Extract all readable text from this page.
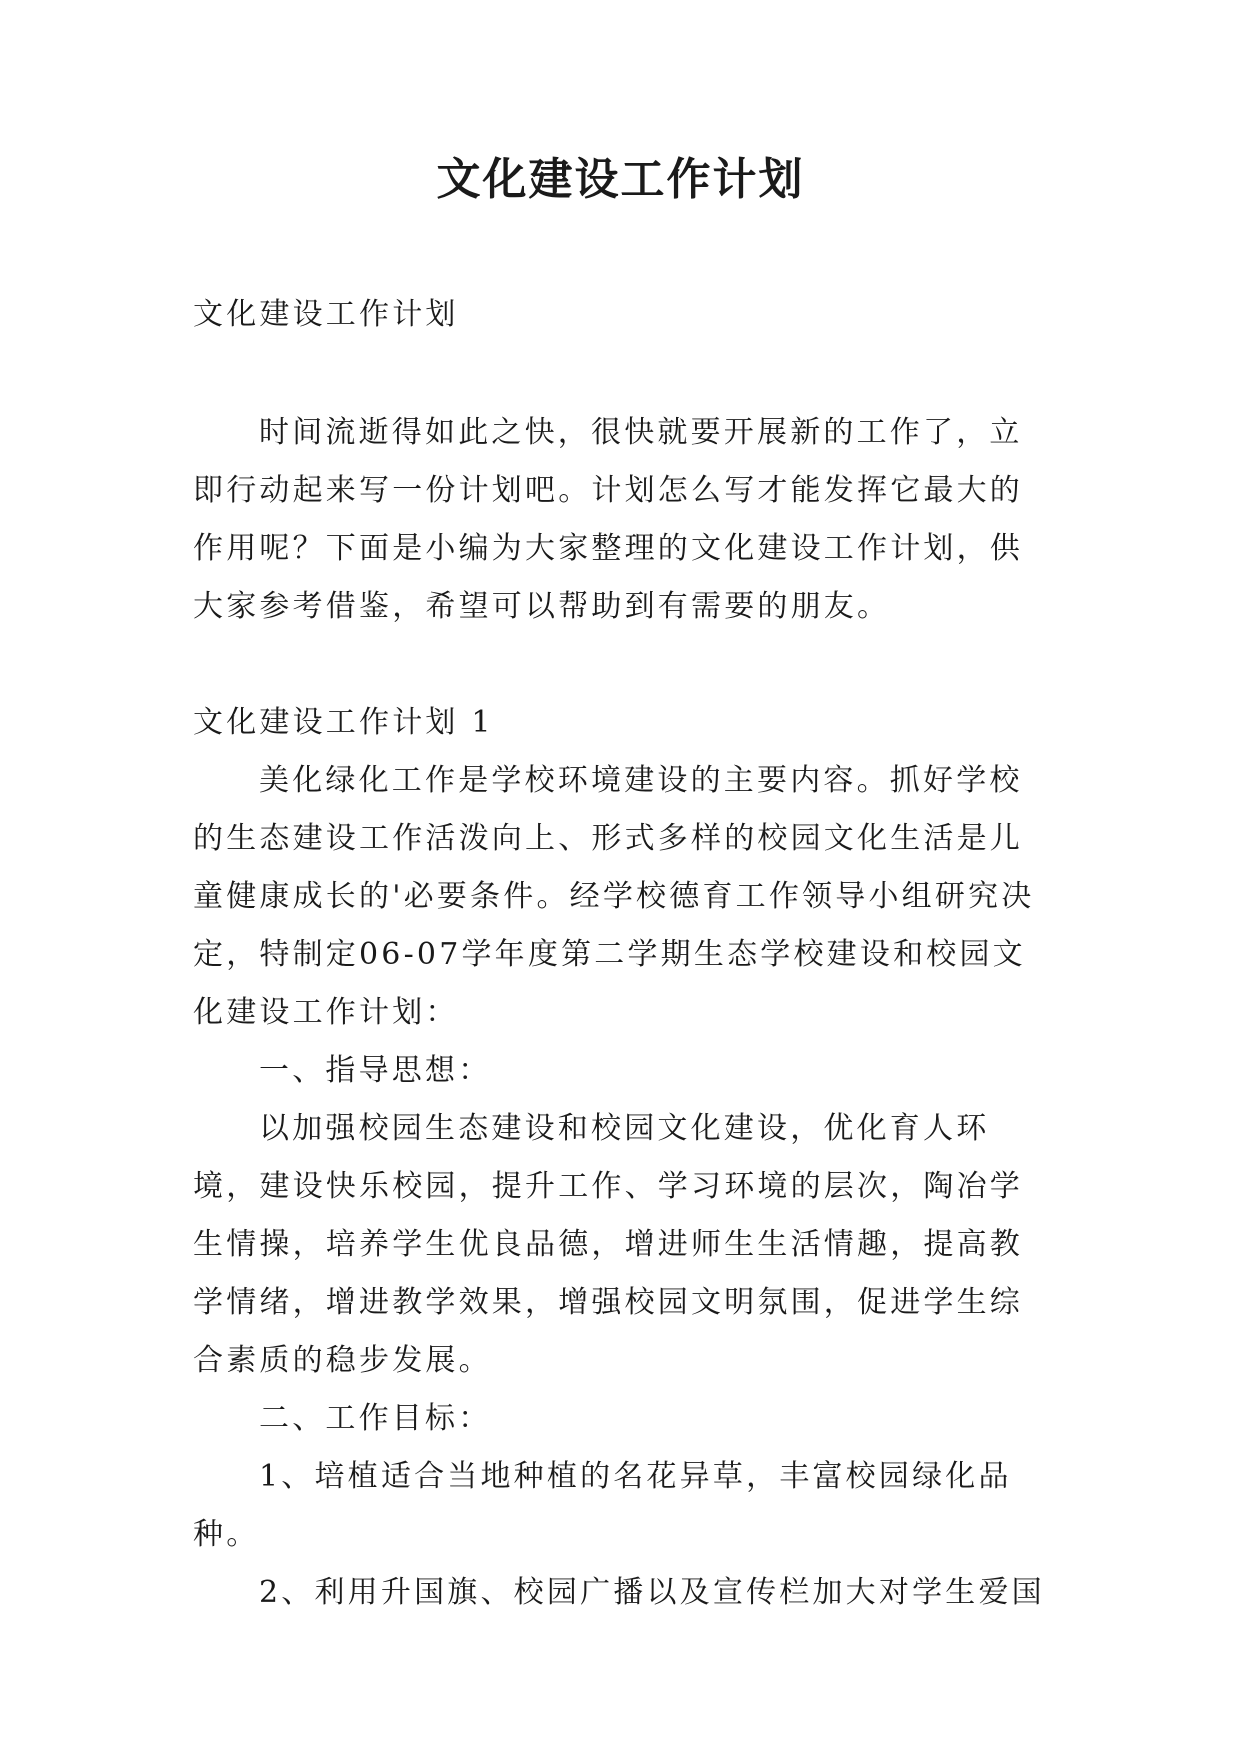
文化建设工作计划

文化建设工作计划

时间流逝得如此之快，很快就要开展新的工作了，立即行动起来写一份计划吧。计划怎么写才能发挥它最大的作用呢？下面是小编为大家整理的文化建设工作计划，供大家参考借鉴，希望可以帮助到有需要的朋友。

文化建设工作计划 1

美化绿化工作是学校环境建设的主要内容。抓好学校的生态建设工作活泼向上、形式多样的校园文化生活是儿童健康成长的'必要条件。经学校德育工作领导小组研究决定，特制定06-07学年度第二学期生态学校建设和校园文化建设工作计划：

一、指导思想：

以加强校园生态建设和校园文化建设，优化育人环境，建设快乐校园，提升工作、学习环境的层次，陶冶学生情操，培养学生优良品德，增进师生生活情趣，提高教学情绪，增进教学效果，增强校园文明氛围，促进学生综合素质的稳步发展。

二、工作目标：

1、培植适合当地种植的名花异草，丰富校园绿化品种。

2、利用升国旗、校园广播以及宣传栏加大对学生爱国
